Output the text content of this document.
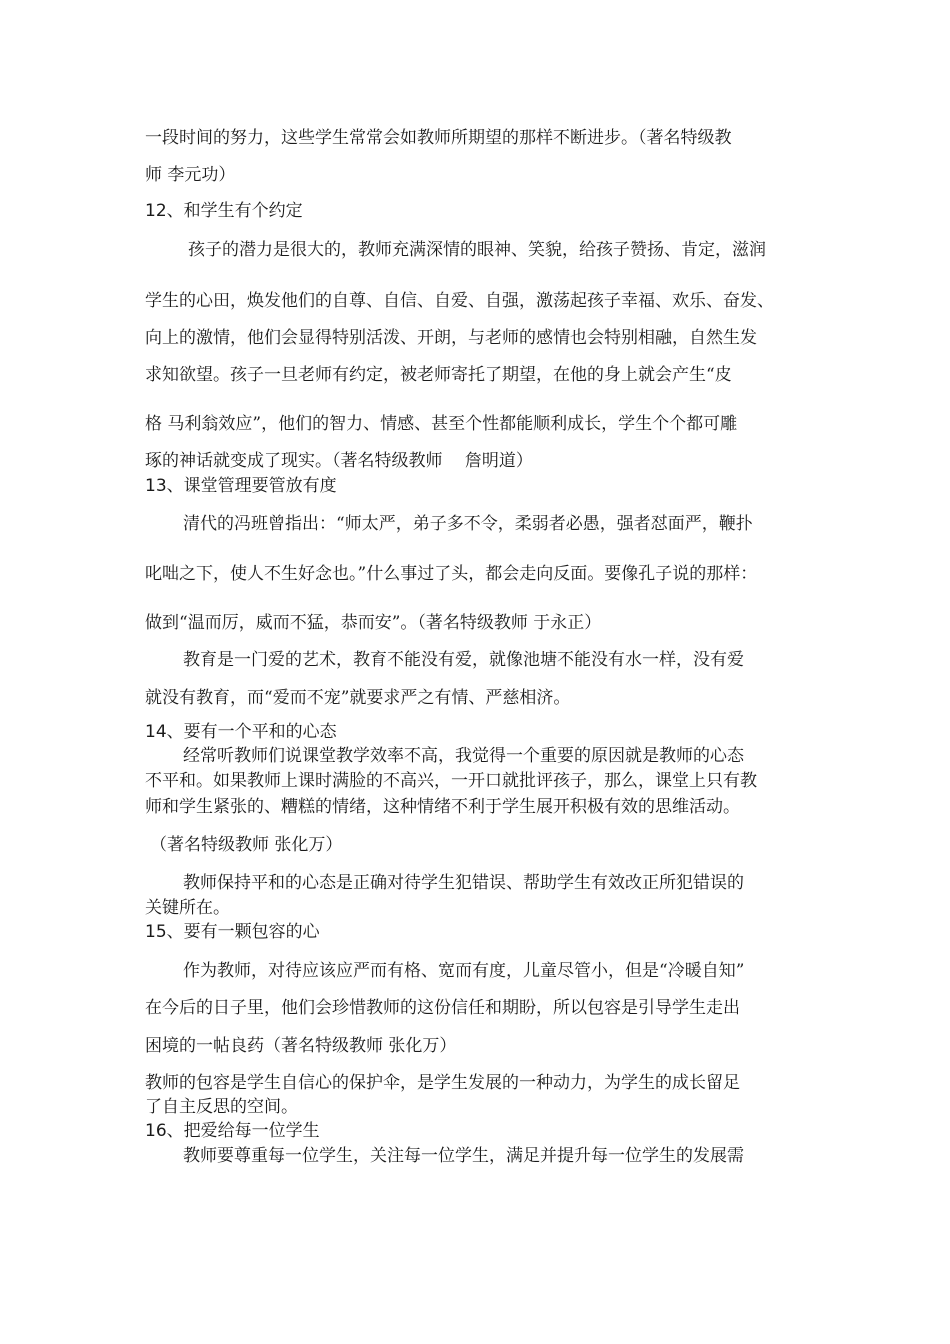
一段时间的努力，这些学生常常会如教师所期望的那样不断进步。（著名特级教
师 李元功）
12、和学生有个约定
孩子的潜力是很大的，教师充满深情的眼神、笑貌，给孩子赞扬、肯定，滋润
学生的心田，焕发他们的自尊、自信、自爱、自强，激荡起孩子幸福、欢乐、奋发、
向上的激情，他们会显得特别活泼、开朗，与老师的感情也会特别相融，自然生发
求知欲望。孩子一旦老师有约定，被老师寄托了期望，在他的身上就会产生“皮
格 马利翁效应”，他们的智力、情感、甚至个性都能顺利成长，学生个个都可雕
琢的神话就变成了现实。（著名特级教师　 詹明道）
13、课堂管理要管放有度
清代的冯班曾指出：“师太严，弟子多不令，柔弱者必愚，强者怼面严，鞭扑
叱咄之下，使人不生好念也。”什么事过了头，都会走向反面。要像孔子说的那样：
做到“温而厉，威而不猛，恭而安”。（著名特级教师 于永正）
教育是一门爱的艺术，教育不能没有爱，就像池塘不能没有水一样，没有爱
就没有教育，而“爱而不宠”就要求严之有情、严慈相济。
14、要有一个平和的心态
经常听教师们说课堂教学效率不高，我觉得一个重要的原因就是教师的心态
不平和。如果教师上课时满脸的不高兴，一开口就批评孩子，那么，课堂上只有教
师和学生紧张的、糟糕的情绪，这种情绪不利于学生展开积极有效的思维活动。
（著名特级教师 张化万）
教师保持平和的心态是正确对待学生犯错误、帮助学生有效改正所犯错误的
关键所在。
15、要有一颗包容的心
作为教师，对待应该应严而有格、宽而有度，儿童尽管小，但是“冷暖自知”
在今后的日子里，他们会珍惜教师的这份信任和期盼，所以包容是引导学生走出
困境的一帖良药（著名特级教师 张化万）
教师的包容是学生自信心的保护伞，是学生发展的一种动力，为学生的成长留足
了自主反思的空间。
16、把爱给每一位学生
教师要尊重每一位学生，关注每一位学生，满足并提升每一位学生的发展需
